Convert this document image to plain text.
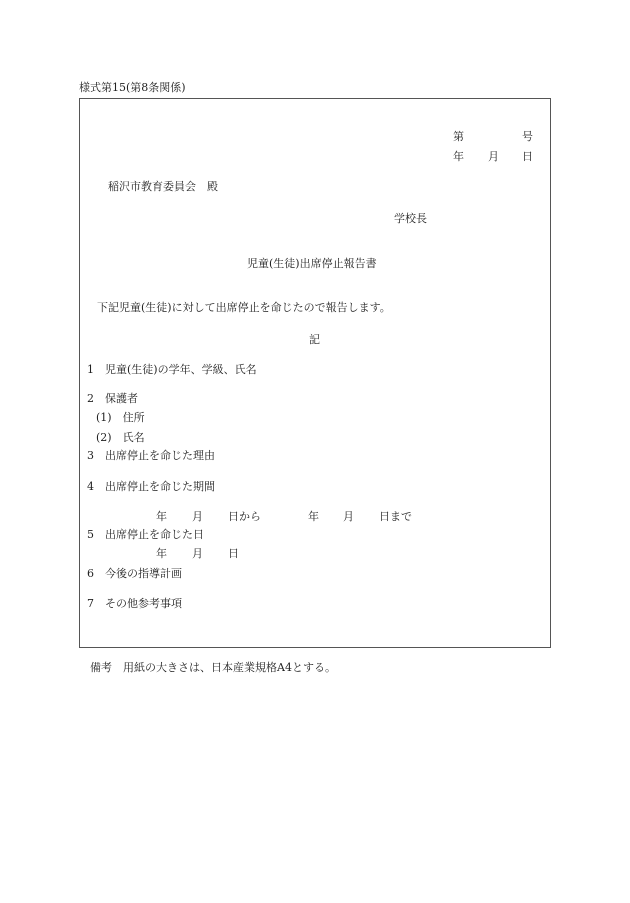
様式第15(第8条関係)
第	号
年 月 日
稲沢市教育委員会　殿
学校長
児童(生徒)出席停止報告書
下記児童(生徒)に対して出席停止を命じたので報告します。
記
1　児童(生徒)の学年、学級、氏名
2　保護者
(1)　住所
(2)　氏名
3　出席停止を命じた理由
4　出席停止を命じた期間
年 月 日から	年 月 日まで
5　出席停止を命じた日
年 月 日
6　今後の指導計画
7　その他参考事項
備考　用紙の大きさは、日本産業規格A4とする。
